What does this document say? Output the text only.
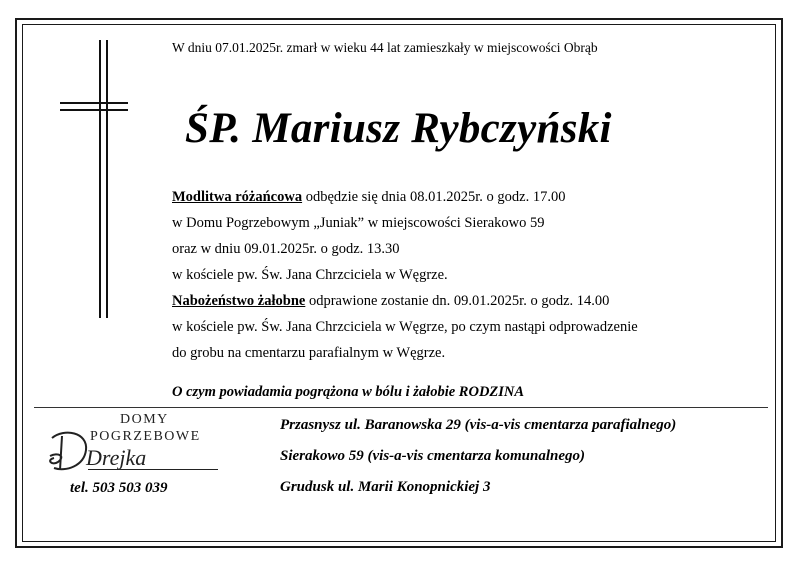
W dniu 07.01.2025r. zmarł w wieku 44 lat zamieszkały w miejscowości Obrąb
ŚP. Mariusz Rybczyński
Modlitwa różańcowa odbędzie się dnia 08.01.2025r. o godz. 17.00
w Domu Pogrzebowym „Juniak” w miejscowości Sierakowo 59
oraz w dniu 09.01.2025r. o godz. 13.30
w kościele pw. Św. Jana Chrzciciela w Węgrze.
Nabożeństwo żałobne odprawione zostanie dn. 09.01.2025r. o godz. 14.00
w kościele pw. Św. Jana Chrzciciela w Węgrze, po czym nastąpi odprowadzenie
do grobu na cmentarzu parafialnym w Węgrze.
O czym powiadamia pogrążona w bólu i żałobie RODZINA
DOMY
POGRZEBOWE
Drejka
tel. 503 503 039
Przasnysz ul. Baranowska 29 (vis-a-vis cmentarza parafialnego)
Sierakowo 59 (vis-a-vis cmentarza komunalnego)
Grudusk ul. Marii Konopnickiej 3
